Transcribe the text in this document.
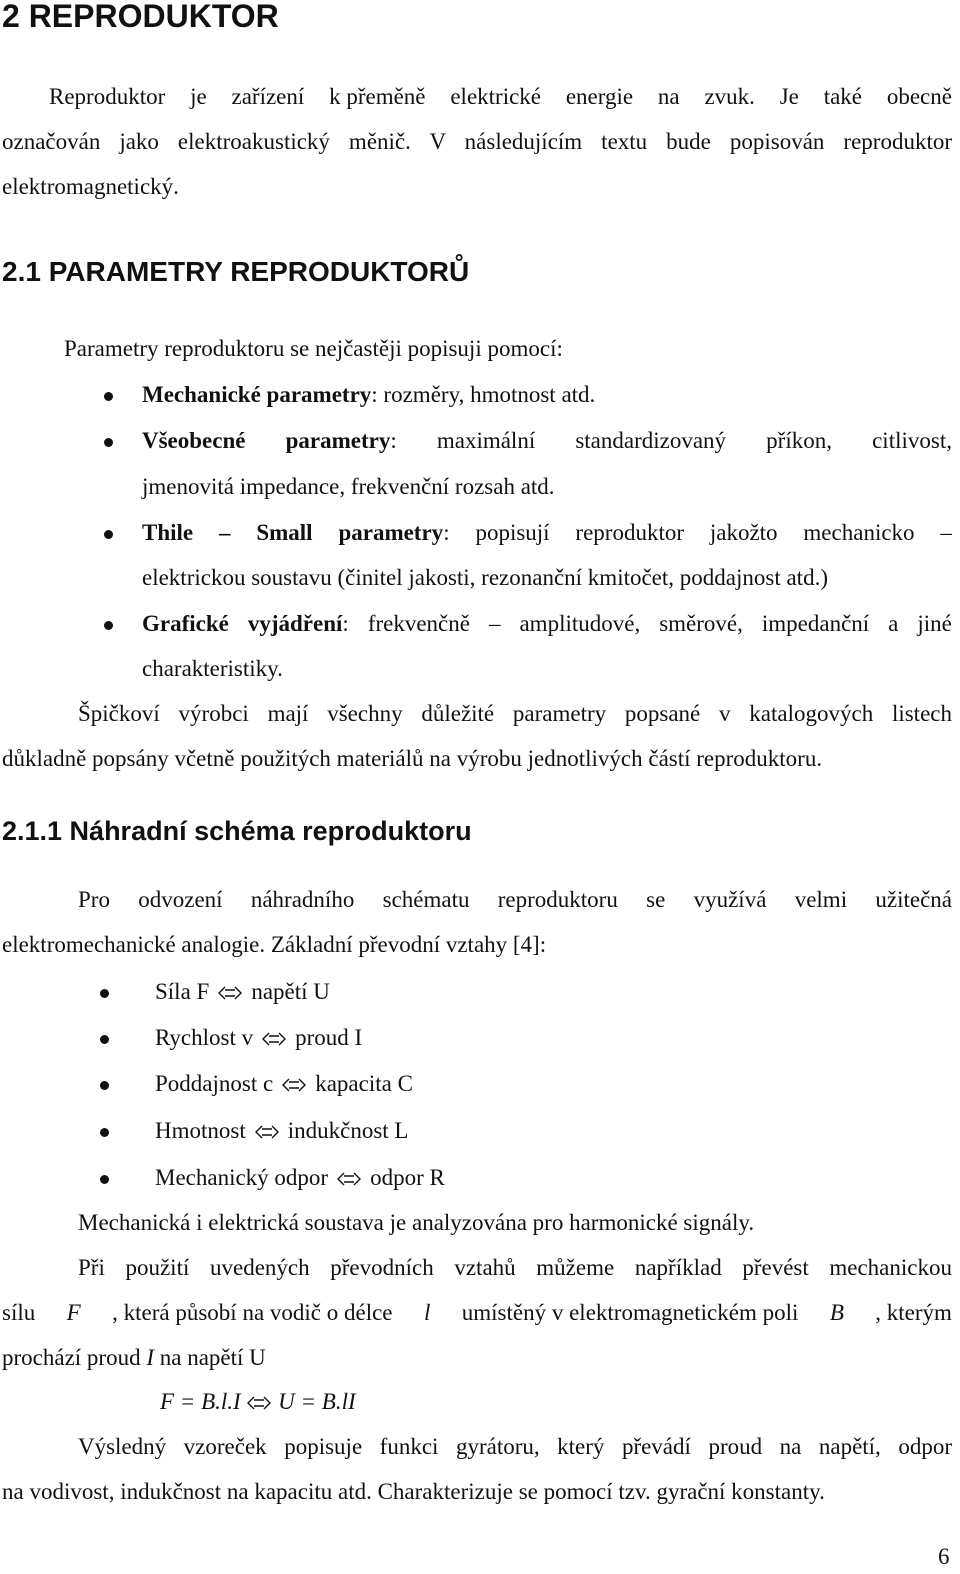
2 REPRODUKTOR
Reproduktor je zařízení k přeměně elektrické energie na zvuk. Je také obecně
označován jako elektroakustický měnič. V následujícím textu bude popisován reproduktor
elektromagnetický.
2.1 PARAMETRY REPRODUKTORŮ
Parametry reproduktoru se nejčastěji popisuji pomocí:
Mechanické parametry: rozměry, hmotnost atd.
Všeobecné parametry: maximální standardizovaný příkon, citlivost,
jmenovitá impedance, frekvenční rozsah atd.
Thile – Small parametry: popisují reproduktor jakožto mechanicko –
elektrickou soustavu (činitel jakosti, rezonanční kmitočet, poddajnost atd.)
Grafické vyjádření: frekvenčně – amplitudové, směrové, impedanční a jiné
charakteristiky.
Špičkoví výrobci mají všechny důležité parametry popsané v katalogových listech
důkladně popsány včetně použitých materiálů na výrobu jednotlivých částí reproduktoru.
2.1.1 Náhradní schéma reproduktoru
Pro odvození náhradního schématu reproduktoru se využívá velmi užitečná
elektromechanické analogie. Základní převodní vztahy [4]:
Síla F napětí U
Rychlost v proud I
Poddajnost c kapacita C
Hmotnost indukčnost L
Mechanický odpor odpor R
Mechanická i elektrická soustava je analyzována pro harmonické signály.
Při použití uvedených převodních vztahů můžeme například převést mechanickou
sílu F , která působí na vodič o délce l umístěný v elektromagnetickém poli B , kterým
prochází proud I na napětí U
F = B.l.I U = B.lI
Výsledný vzoreček popisuje funkci gyrátoru, který převádí proud na napětí, odpor
na vodivost, indukčnost na kapacitu atd. Charakterizuje se pomocí tzv. gyrační konstanty.
6
